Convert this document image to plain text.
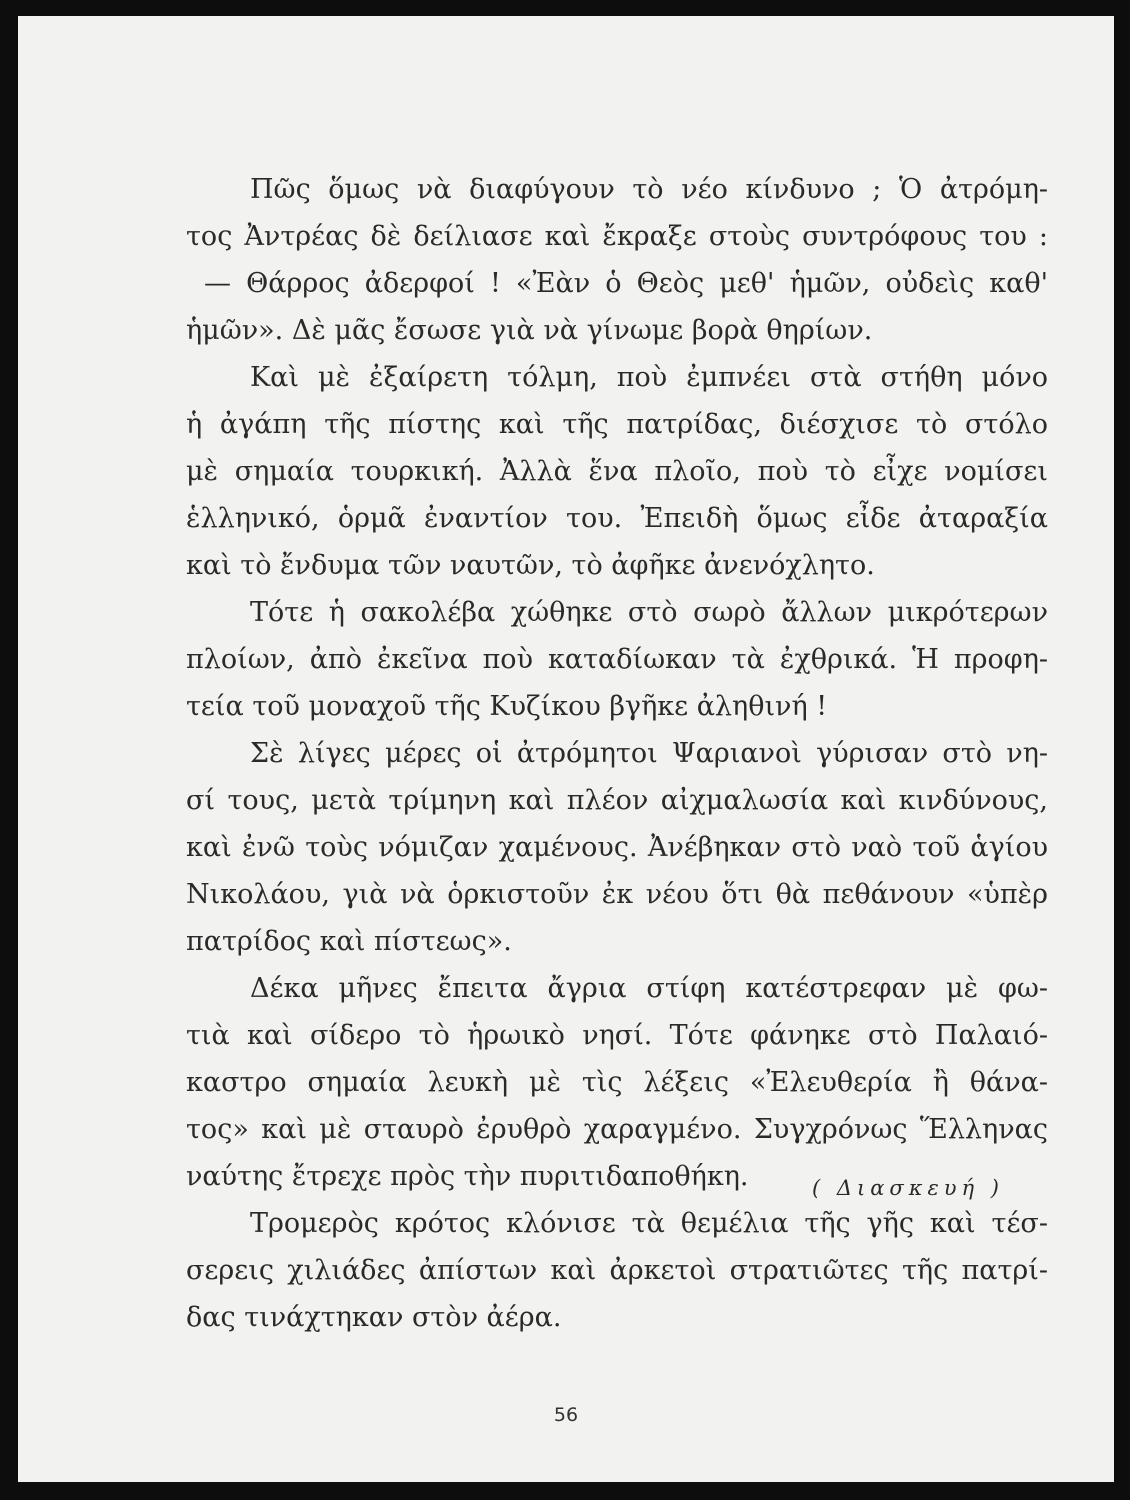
Πῶς ὅμως νὰ διαφύγουν τὸ νέο κίνδυνο ; Ὁ ἀτρόμη-
τος Ἀντρέας δὲ δείλιασε καὶ ἔκραξε στοὺς συντρόφους του :
— Θάρρος ἀδερφοί ! «Ἐὰν ὁ Θεὸς μεθ' ἡμῶν, οὐδεὶς καθ'
ἡμῶν». Δὲ μᾶς ἔσωσε γιὰ νὰ γίνωμε βορὰ θηρίων.
Καὶ μὲ ἐξαίρετη τόλμη, ποὺ ἐμπνέει στὰ στήθη μόνο
ἡ ἀγάπη τῆς πίστης καὶ τῆς πατρίδας, διέσχισε τὸ στόλο
μὲ σημαία τουρκική. Ἀλλὰ ἕνα πλοῖο, ποὺ τὸ εἶχε νομίσει
ἑλληνικό, ὁρμᾶ ἐναντίον του. Ἐπειδὴ ὅμως εἶδε ἀταραξία
καὶ τὸ ἔνδυμα τῶν ναυτῶν, τὸ ἀφῆκε ἀνενόχλητο.
Τότε ἡ σακολέβα χώθηκε στὸ σωρὸ ἄλλων μικρότερων
πλοίων, ἀπὸ ἐκεῖνα ποὺ καταδίωκαν τὰ ἐχθρικά. Ἡ προφη-
τεία τοῦ μοναχοῦ τῆς Κυζίκου βγῆκε ἀληθινή !
Σὲ λίγες μέρες οἱ ἀτρόμητοι Ψαριανοὶ γύρισαν στὸ νη-
σί τους, μετὰ τρίμηνη καὶ πλέον αἰχμαλωσία καὶ κινδύνους,
καὶ ἐνῶ τοὺς νόμιζαν χαμένους. Ἀνέβηκαν στὸ ναὸ τοῦ ἁγίου
Νικολάου, γιὰ νὰ ὁρκιστοῦν ἐκ νέου ὅτι θὰ πεθάνουν «ὑπὲρ
πατρίδος καὶ πίστεως».
Δέκα μῆνες ἔπειτα ἄγρια στίφη κατέστρεφαν μὲ φω-
τιὰ καὶ σίδερο τὸ ἡρωικὸ νησί. Τότε φάνηκε στὸ Παλαιό-
καστρο σημαία λευκὴ μὲ τὶς λέξεις «Ἐλευθερία ἢ θάνα-
τος» καὶ μὲ σταυρὸ ἐρυθρὸ χαραγμένο. Συγχρόνως Ἕλληνας
ναύτης ἔτρεχε πρὸς τὴν πυριτιδαποθήκη.
Τρομερὸς κρότος κλόνισε τὰ θεμέλια τῆς γῆς καὶ τέσ-
σερεις χιλιάδες ἀπίστων καὶ ἀρκετοὶ στρατιῶτες τῆς πατρί-
δας τινάχτηκαν στὸν ἀέρα.
( Διασκευή )
56
